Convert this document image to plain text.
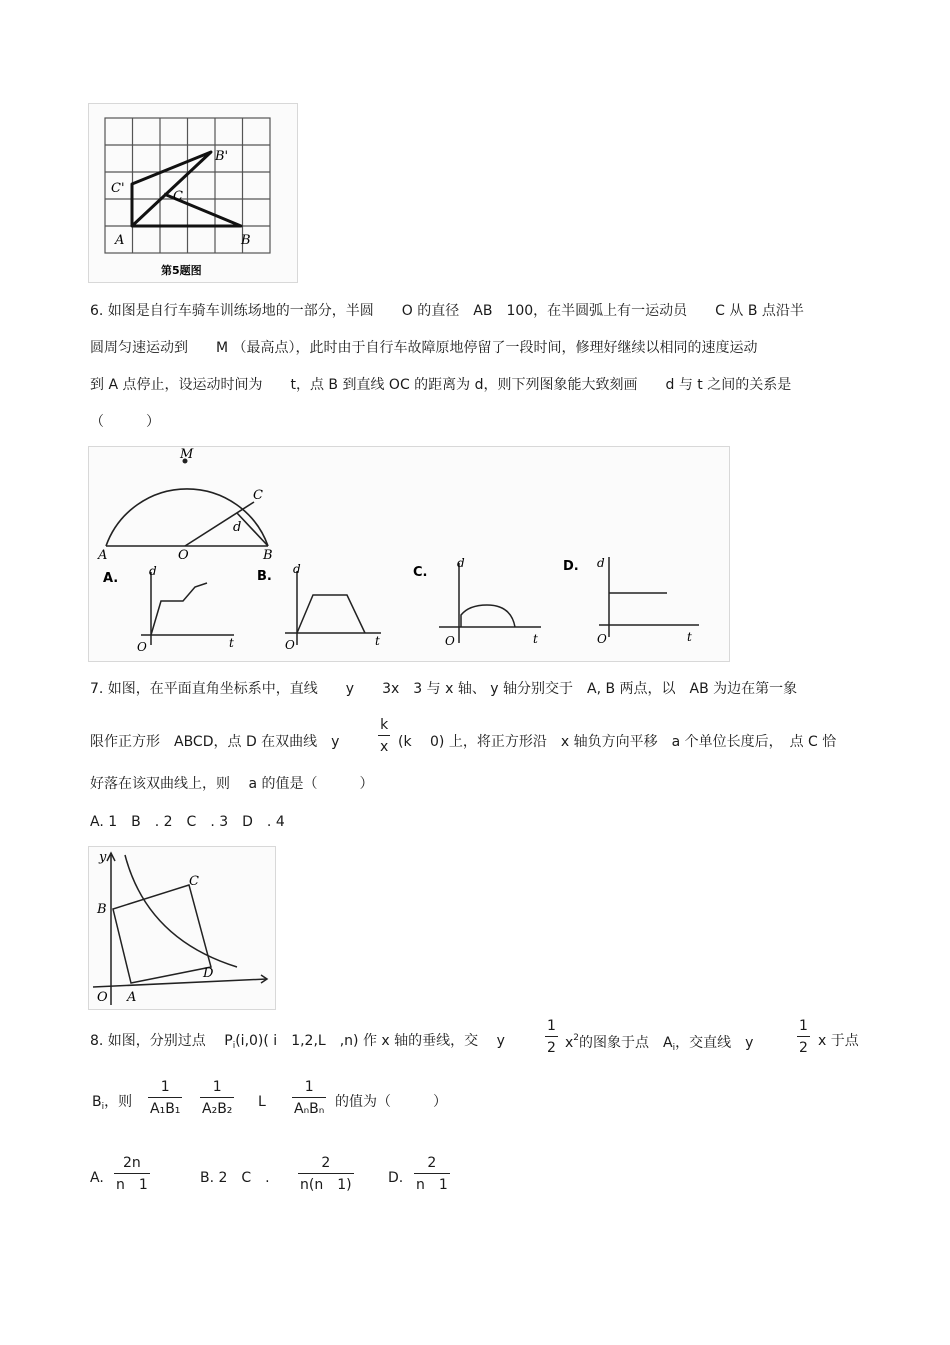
A	B
C
C'
B'
第5题图
6. 如图是自行车骑车训练场地的一部分，半圆　　O 的直径　AB　100，在半圆弧上有一运动员　　C 从 B 点沿半
圆周匀速运动到　　M （最高点），此时由于自行车故障原地停留了一段时间，修理好继续以相同的速度运动
到 A 点停止，设运动时间为　　t，点 B 到直线 OC 的距离为 d，则下列图象能大致刻画　　d 与 t 之间的关系是
（　　　）
M
A	O	B
C
d
A.	d
O	t
B. d
O	t
C.
d
O	t
D. d
O	t
7. 如图，在平面直角坐标系中，直线　　y　　3x　3 与 x 轴、 y 轴分别交于　A, B 两点，以　AB 为边在第一象
限作正方形　ABCD，点 D 在双曲线　y	$\frac{k}{x} (k$　 0) 上，将正方形沿　x 轴负方向平移　a 个单位长度后，　点 C 恰
好落在该双曲线上，则　 a 的值是（　　　）
A. 1　B　. 2　C　. 3　D　. 4
y
B
C
D
O A
8. 如图，分别过点　 $P_i(i,0)$( i　1,2,L　,n) 作 x 轴的垂线，交　 y	$\frac{1}{2} x^2$的图象于点　$A_i$，交直线　y	$\frac{1}{2}$ x 于点
$B_i$，则 $\frac{1}{\text{A₁B₁}} \frac{1}{\text{A₂B₂}}$ L
1
AₙBₙ 的值为（　　　）
A. $\frac{2n}{n 1}$	B. 2　C　. $\frac{2}{n(n 1)} D$. $\frac{2}{n 1}$
